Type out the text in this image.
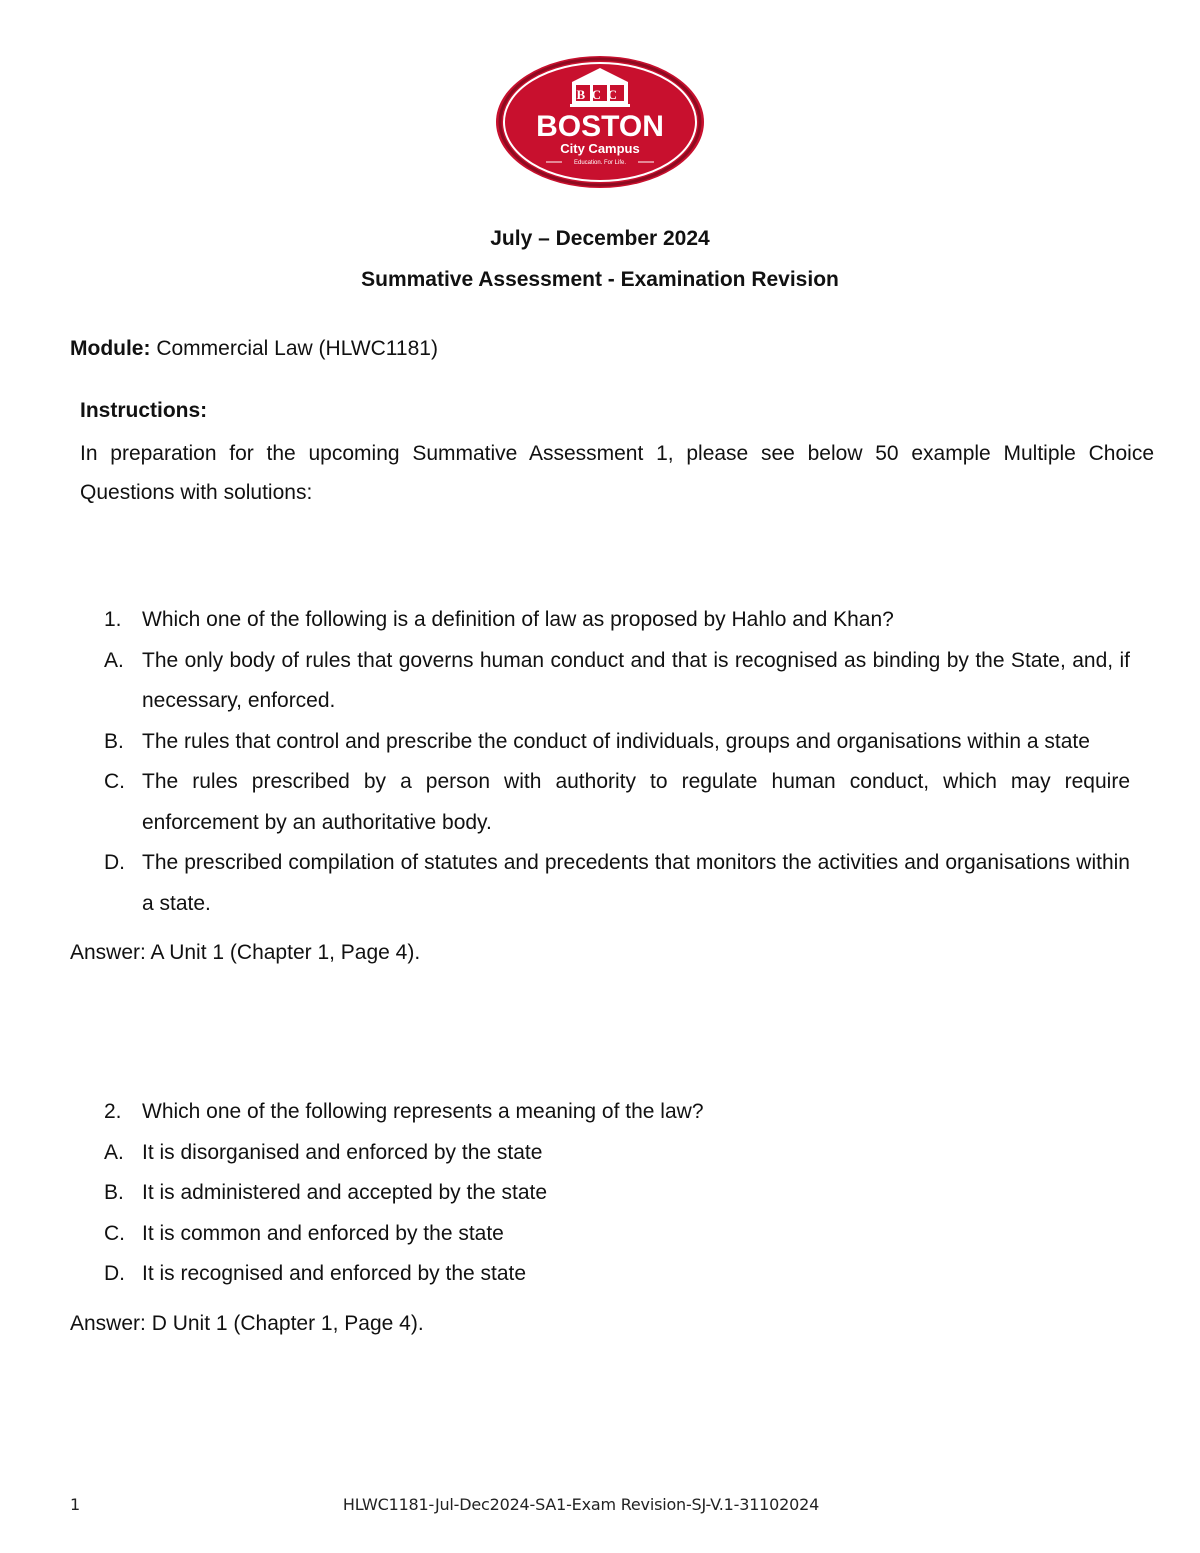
BCC
BOSTON
City Campus
Education. For Life.
July – December 2024
Summative Assessment - Examination Revision
Module: Commercial Law (HLWC1181)
Instructions:
In preparation for the upcoming Summative Assessment 1, please see below 50 example Multiple Choice Questions with solutions:
1. Which one of the following is a definition of law as proposed by Hahlo and Khan?
A. The only body of rules that governs human conduct and that is recognised as binding by the State, and, if necessary, enforced.
B. The rules that control and prescribe the conduct of individuals, groups and organisations within a state
C. The rules prescribed by a person with authority to regulate human conduct, which may require enforcement by an authoritative body.
D. The prescribed compilation of statutes and precedents that monitors the activities and organisations within a state.
Answer: A Unit 1 (Chapter 1, Page 4).
2. Which one of the following represents a meaning of the law?
A. It is disorganised and enforced by the state
B. It is administered and accepted by the state
C. It is common and enforced by the state
D. It is recognised and enforced by the state
Answer: D Unit 1 (Chapter 1, Page 4).
1	HLWC1181-Jul-Dec2024-SA1-Exam Revision-SJ-V.1-31102024
